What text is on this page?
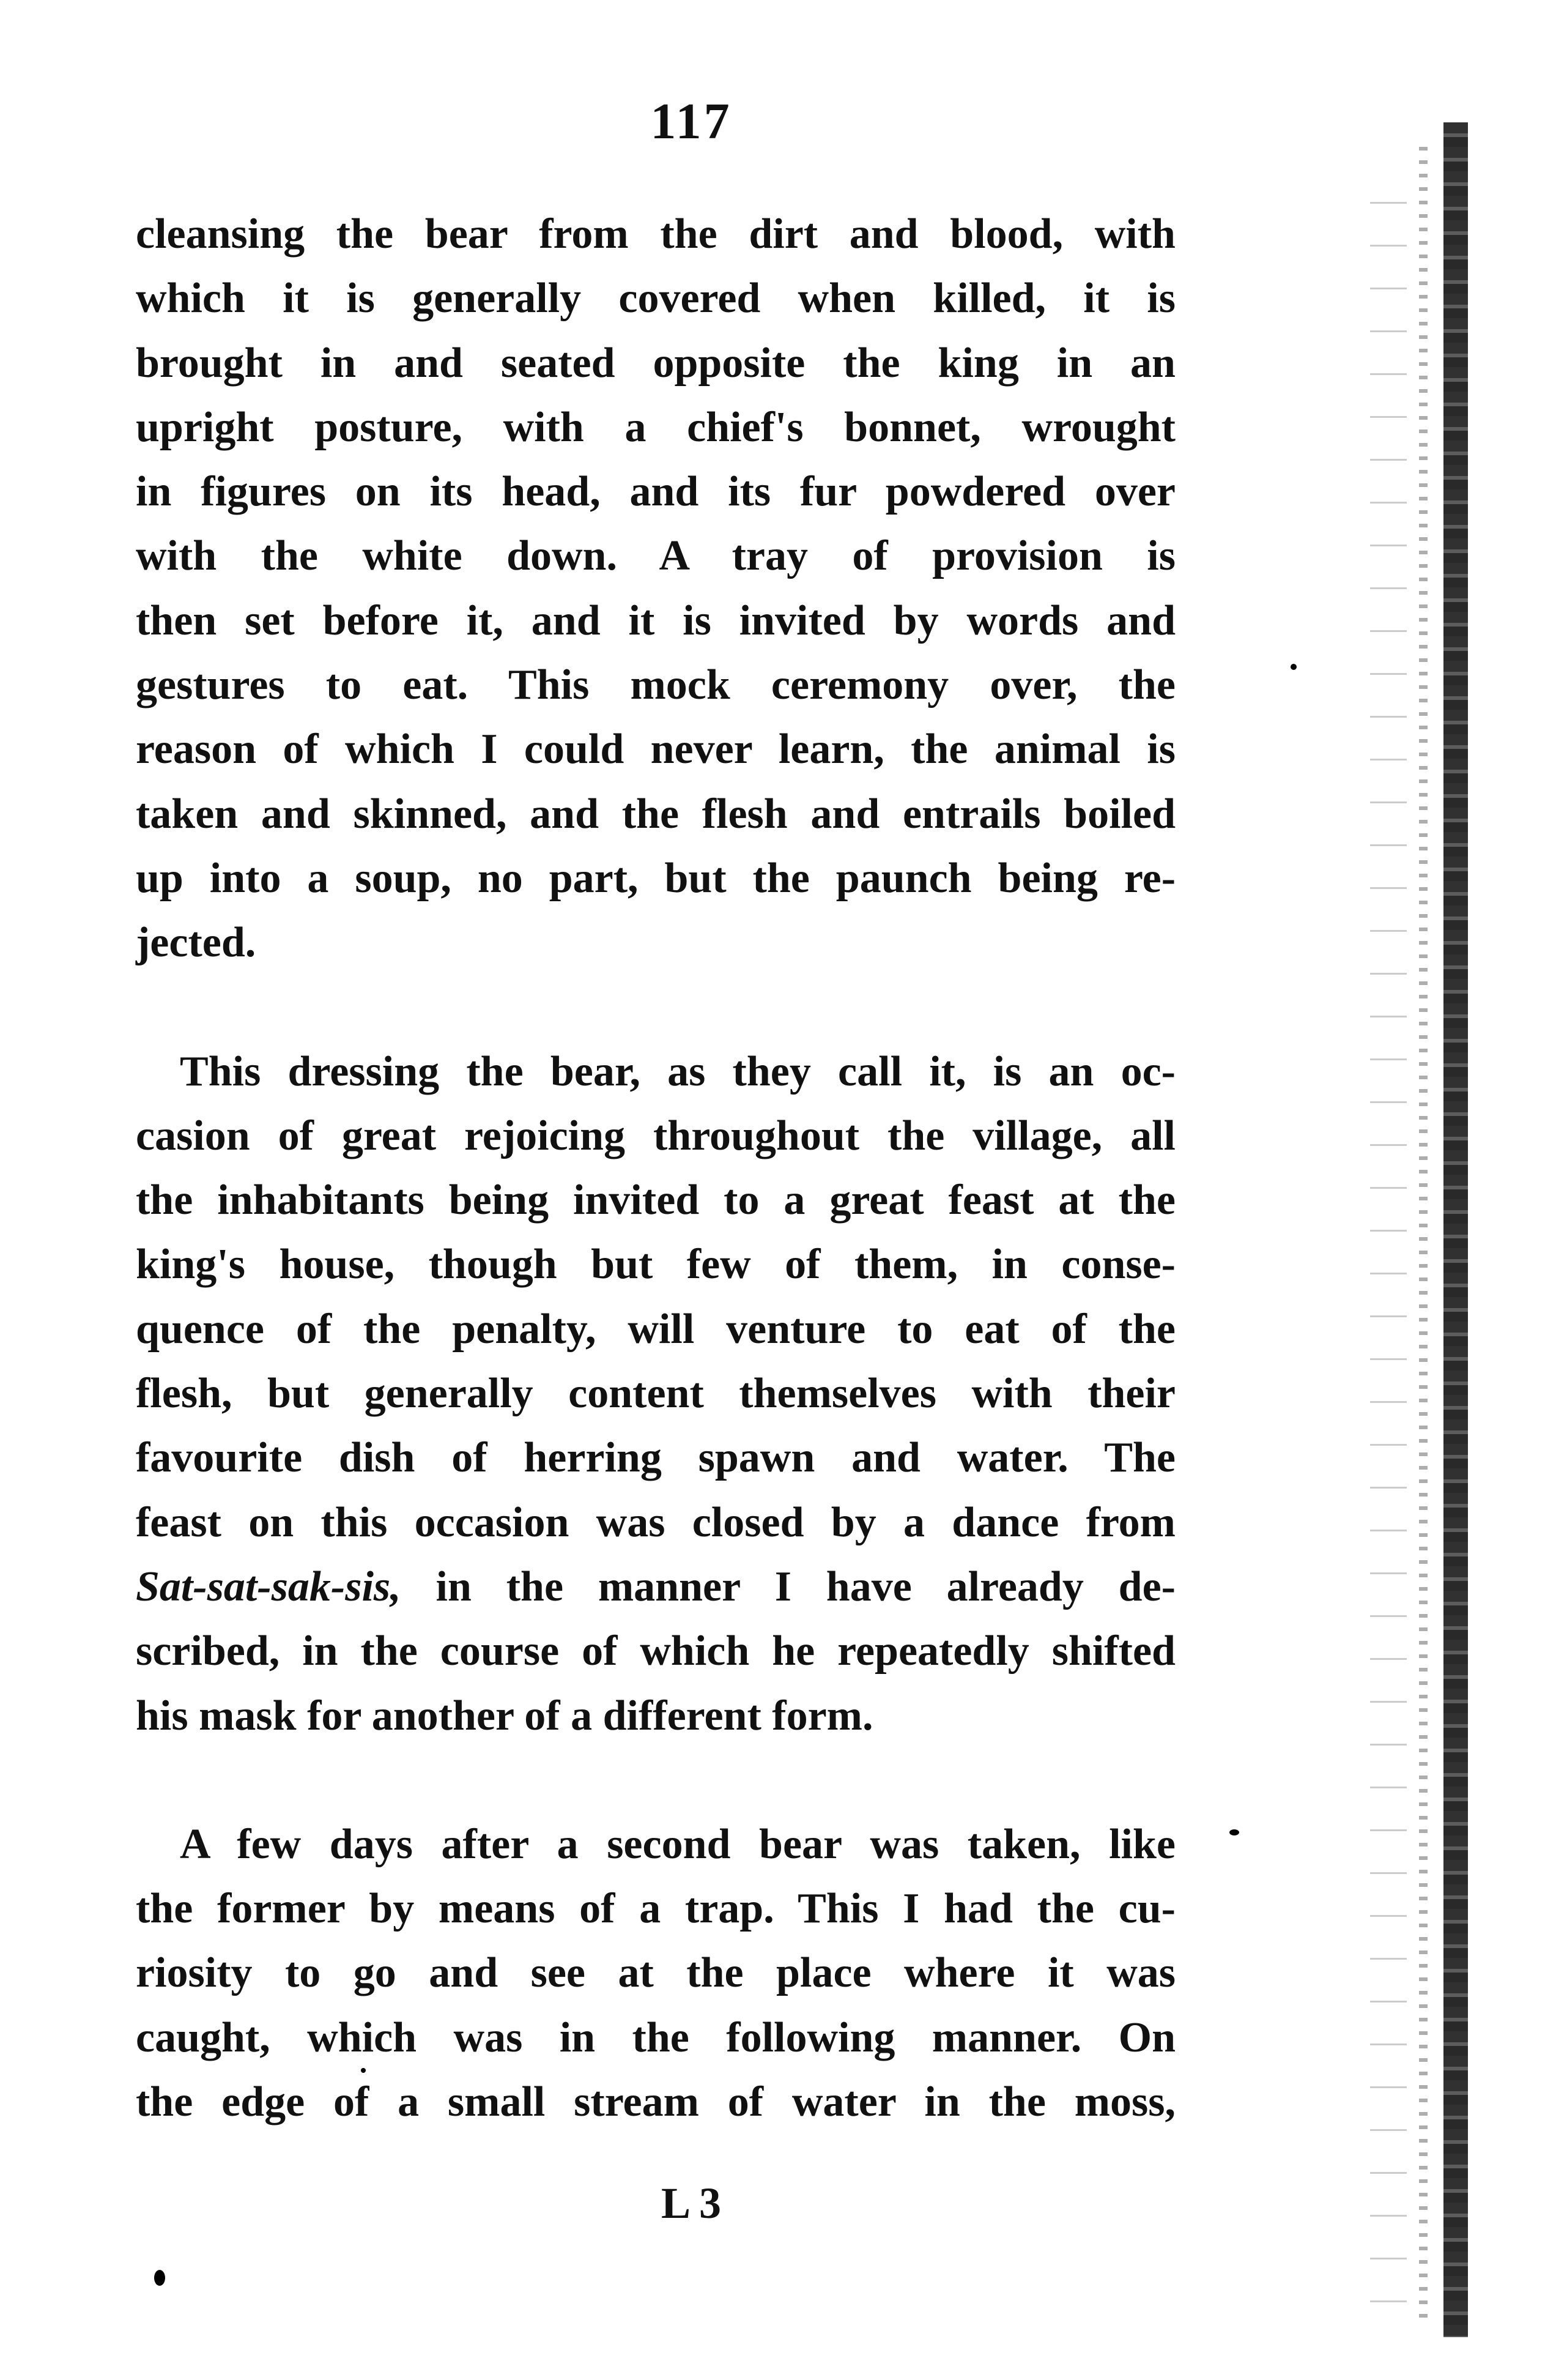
117

cleansing the bear from the dirt and blood, with
which it is generally covered when killed, it is
brought in and seated opposite the king in an
upright posture, with a chief's bonnet, wrought
in figures on its head, and its fur powdered over
with the white down. A tray of provision is
then set before it, and it is invited by words and
gestures to eat. This mock ceremony over, the
reason of which I could never learn, the animal is
taken and skinned, and the flesh and entrails boiled
up into a soup, no part, but the paunch being re-
jected.

This dressing the bear, as they call it, is an oc-
casion of great rejoicing throughout the village, all
the inhabitants being invited to a great feast at the
king's house, though but few of them, in conse-
quence of the penalty, will venture to eat of the
flesh, but generally content themselves with their
favourite dish of herring spawn and water. The
feast on this occasion was closed by a dance from
Sat-sat-sak-sis, in the manner I have already de-
scribed, in the course of which he repeatedly shifted
his mask for another of a different form.

A few days after a second bear was taken, like
the former by means of a trap. This I had the cu-
riosity to go and see at the place where it was
caught, which was in the following manner. On
the edge of a small stream of water in the moss,

L 3
